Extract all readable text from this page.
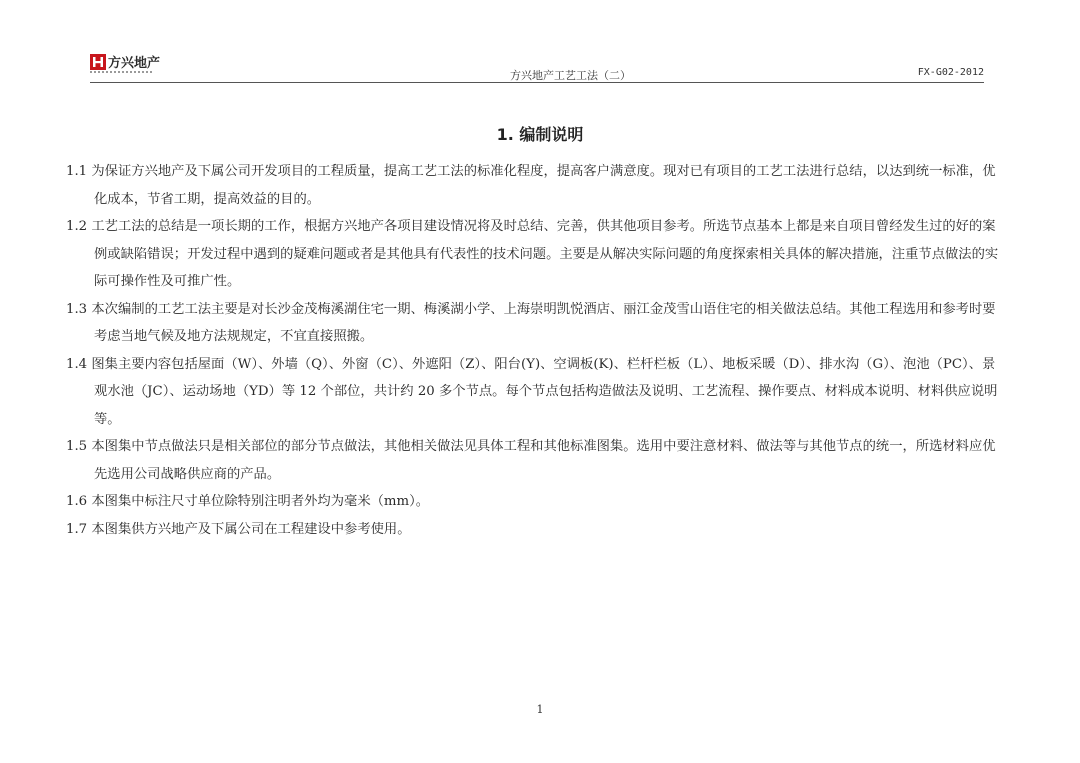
方兴地产
方兴地产工艺工法（二）	FX-G02-2012
1. 编制说明
1.1 为保证方兴地产及下属公司开发项目的工程质量，提高工艺工法的标准化程度，提高客户满意度。现对已有项目的工艺工法进行总结，以达到统一标准，优化成本，节省工期，提高效益的目的。
1.2 工艺工法的总结是一项长期的工作，根据方兴地产各项目建设情况将及时总结、完善，供其他项目参考。所选节点基本上都是来自项目曾经发生过的好的案例或缺陷错误；开发过程中遇到的疑难问题或者是其他具有代表性的技术问题。主要是从解决实际问题的角度探索相关具体的解决措施，注重节点做法的实际可操作性及可推广性。
1.3 本次编制的工艺工法主要是对长沙金茂梅溪湖住宅一期、梅溪湖小学、上海崇明凯悦酒店、丽江金茂雪山语住宅的相关做法总结。其他工程选用和参考时要考虑当地气候及地方法规规定，不宜直接照搬。
1.4 图集主要内容包括屋面（W）、外墙（Q）、外窗（C）、外遮阳（Z）、阳台(Y)、空调板(K)、栏杆栏板（L）、地板采暖（D）、排水沟（G）、泡池（PC）、景观水池（JC）、运动场地（YD）等 12 个部位，共计约 20 多个节点。每个节点包括构造做法及说明、工艺流程、操作要点、材料成本说明、材料供应说明等。
1.5 本图集中节点做法只是相关部位的部分节点做法，其他相关做法见具体工程和其他标准图集。选用中要注意材料、做法等与其他节点的统一，所选材料应优先选用公司战略供应商的产品。
1.6 本图集中标注尺寸单位除特别注明者外均为毫米（mm）。
1.7 本图集供方兴地产及下属公司在工程建设中参考使用。
1
